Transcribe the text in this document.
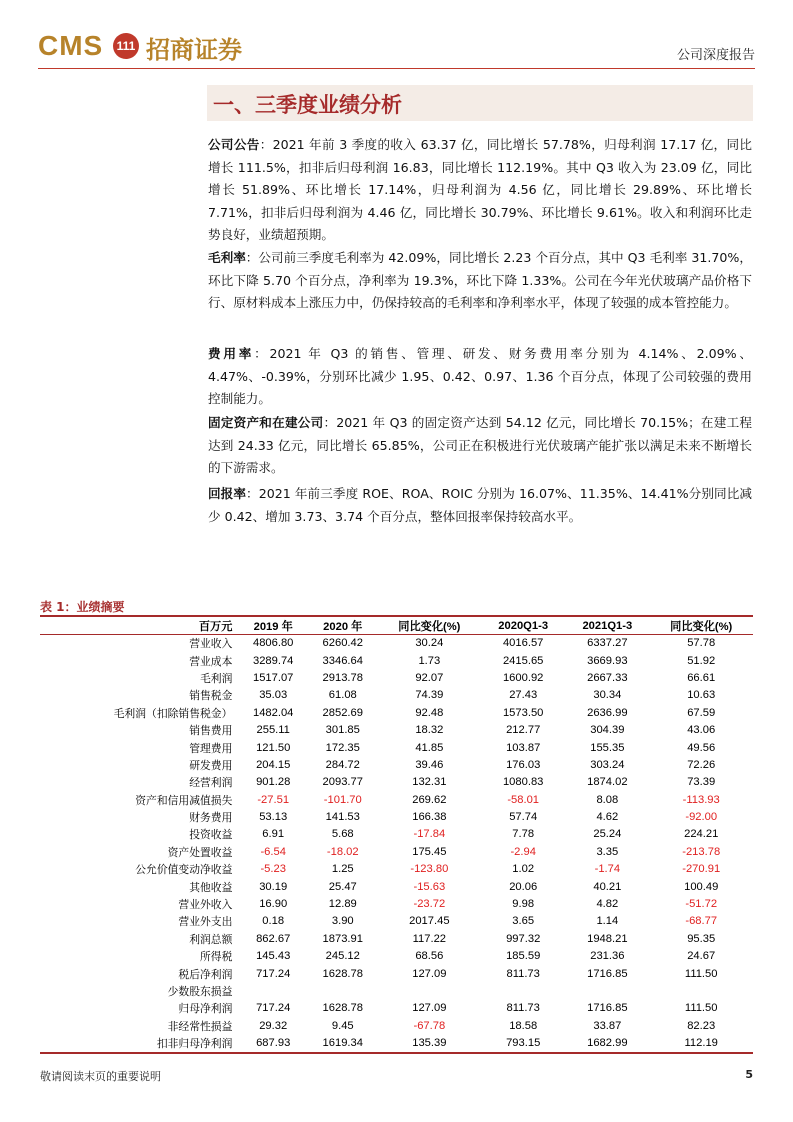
CMS	111 招商证券	公司深度报告
一、三季度业绩分析
公司公告：2021 年前 3 季度的收入 63.37 亿，同比增长 57.78%，归母利润 17.17 亿，同比增长 111.5%，扣非后归母利润 16.83，同比增长 112.19%。其中 Q3 收入为 23.09 亿，同比增长 51.89%、环比增长 17.14%，归母利润为 4.56 亿，同比增长 29.89%、环比增长 7.71%，扣非后归母利润为 4.46 亿，同比增长 30.79%、环比增长 9.61%。收入和利润环比走势良好，业绩超预期。
毛利率：公司前三季度毛利率为 42.09%，同比增长 2.23 个百分点，其中 Q3 毛利率 31.70%，环比下降 5.70 个百分点，净利率为 19.3%，环比下降 1.33%。公司在今年光伏玻璃产品价格下行、原材料成本上涨压力中，仍保持较高的毛利率和净利率水平，体现了较强的成本管控能力。
费用率：2021 年 Q3 的销售、管理、研发、财务费用率分别为 4.14%、2.09%、4.47%、-0.39%，分别环比减少 1.95、0.42、0.97、1.36 个百分点，体现了公司较强的费用控制能力。
固定资产和在建公司：2021 年 Q3 的固定资产达到 54.12 亿元，同比增长 70.15%；在建工程达到 24.33 亿元，同比增长 65.85%，公司正在积极进行光伏玻璃产能扩张以满足未来不断增长的下游需求。
回报率：2021 年前三季度 ROE、ROA、ROIC 分别为 16.07%、11.35%、14.41%分别同比减少 0.42、增加 3.73、3.74 个百分点，整体回报率保持较高水平。
表 1：业绩摘要
百万元	2019 年	2020 年	同比变化(%)	2020Q1-3	2021Q1-3	同比变化(%)
营业收入	4806.80	6260.42	30.24	4016.57	6337.27	57.78
营业成本	3289.74	3346.64	1.73	2415.65	3669.93	51.92
毛利润	1517.07	2913.78	92.07	1600.92	2667.33	66.61
销售税金	35.03	61.08	74.39	27.43	30.34	10.63
毛利润（扣除销售税金）	1482.04	2852.69	92.48	1573.50	2636.99	67.59
销售费用	255.11	301.85	18.32	212.77	304.39	43.06
管理费用	121.50	172.35	41.85	103.87	155.35	49.56
研发费用	204.15	284.72	39.46	176.03	303.24	72.26
经营利润	901.28	2093.77	132.31	1080.83	1874.02	73.39
资产和信用减值损失	-27.51	-101.70	269.62	-58.01	8.08	-113.93
财务费用	53.13	141.53	166.38	57.74	4.62	-92.00
投资收益	6.91	5.68	-17.84	7.78	25.24	224.21
资产处置收益	-6.54	-18.02	175.45	-2.94	3.35	-213.78
公允价值变动净收益	-5.23	1.25	-123.80	1.02	-1.74	-270.91
其他收益	30.19	25.47	-15.63	20.06	40.21	100.49
营业外收入	16.90	12.89	-23.72	9.98	4.82	-51.72
营业外支出	0.18	3.90	2017.45	3.65	1.14	-68.77
利润总额	862.67	1873.91	117.22	997.32	1948.21	95.35
所得税	145.43	245.12	68.56	185.59	231.36	24.67
税后净利润	717.24	1628.78	127.09	811.73	1716.85	111.50
少数股东损益						
归母净利润	717.24	1628.78	127.09	811.73	1716.85	111.50
非经常性损益	29.32	9.45	-67.78	18.58	33.87	82.23
扣非归母净利润	687.93	1619.34	135.39	793.15	1682.99	112.19
敬请阅读末页的重要说明	5
